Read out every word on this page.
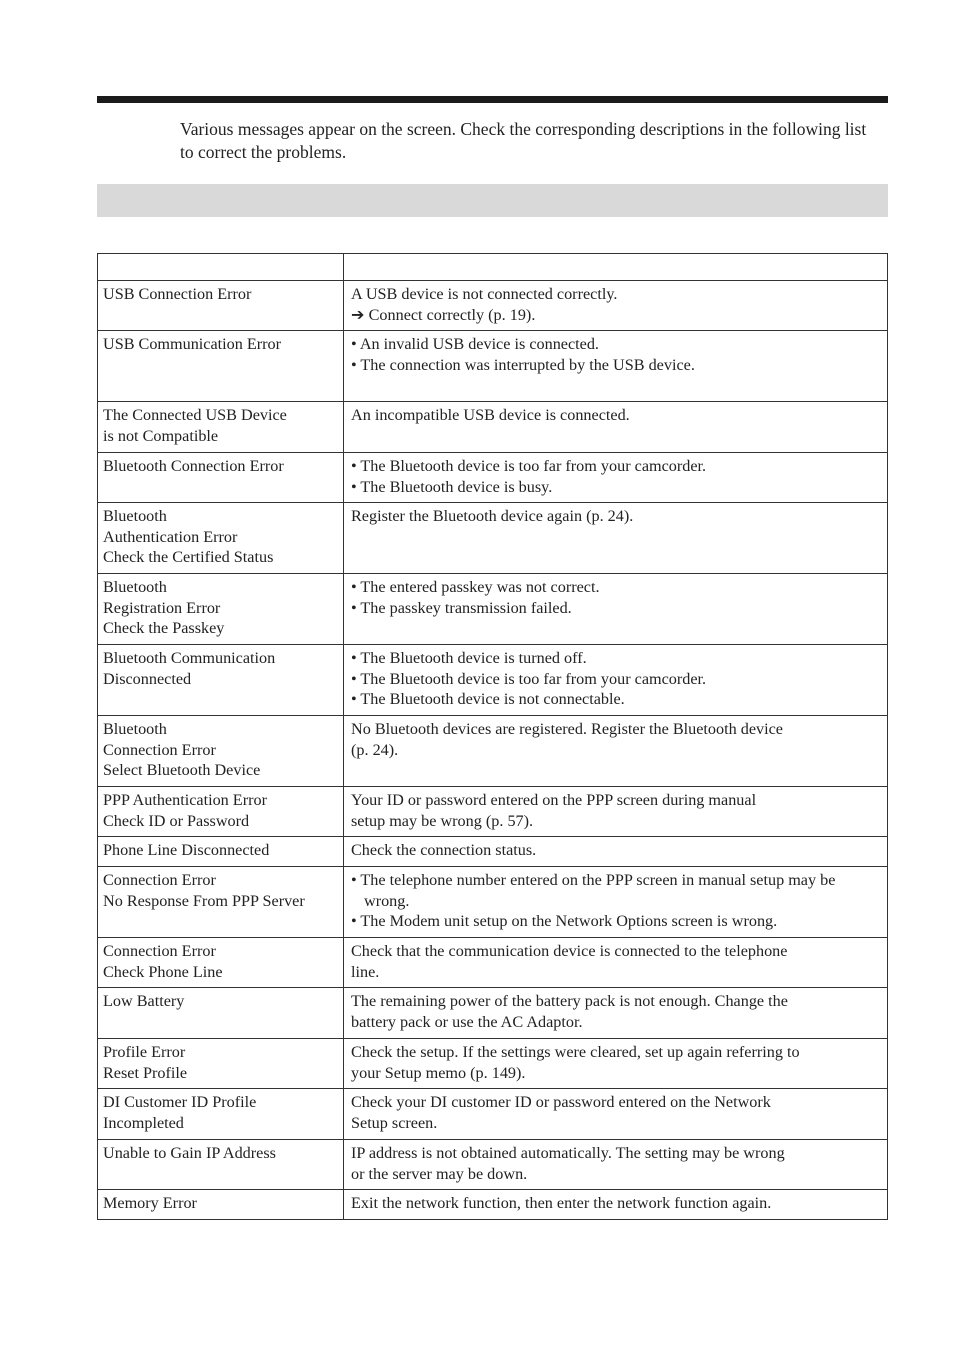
Various messages appear on the screen. Check the corresponding descriptions in the following list to correct the problems.

USB Connection Error	A USB device is not connected correctly.
➔ Connect correctly (p. 19).

USB Communication Error	• An invalid USB device is connected.
• The connection was interrupted by the USB device.

The Connected USB Device
is not Compatible	An incompatible USB device is connected.

Bluetooth Connection Error	• The Bluetooth device is too far from your camcorder.
• The Bluetooth device is busy.

Bluetooth
Authentication Error
Check the Certified Status	Register the Bluetooth device again (p. 24).

Bluetooth
Registration Error
Check the Passkey	• The entered passkey was not correct.
• The passkey transmission failed.

Bluetooth Communication
Disconnected	• The Bluetooth device is turned off.
• The Bluetooth device is too far from your camcorder.
• The Bluetooth device is not connectable.

Bluetooth
Connection Error
Select Bluetooth Device	No Bluetooth devices are registered. Register the Bluetooth device
(p. 24).

PPP Authentication Error
Check ID or Password	Your ID or password entered on the PPP screen during manual
setup may be wrong (p. 57).

Phone Line Disconnected	Check the connection status.

Connection Error
No Response From PPP Server	• The telephone number entered on the PPP screen in manual setup may be wrong.
• The Modem unit setup on the Network Options screen is wrong.

Connection Error
Check Phone Line	Check that the communication device is connected to the telephone
line.

Low Battery	The remaining power of the battery pack is not enough. Change the
battery pack or use the AC Adaptor.

Profile Error
Reset Profile	Check the setup. If the settings were cleared, set up again referring to
your Setup memo (p. 149).

DI Customer ID Profile
Incompleted	Check your DI customer ID or password entered on the Network
Setup screen.

Unable to Gain IP Address	IP address is not obtained automatically. The setting may be wrong
or the server may be down.

Memory Error	Exit the network function, then enter the network function again.
